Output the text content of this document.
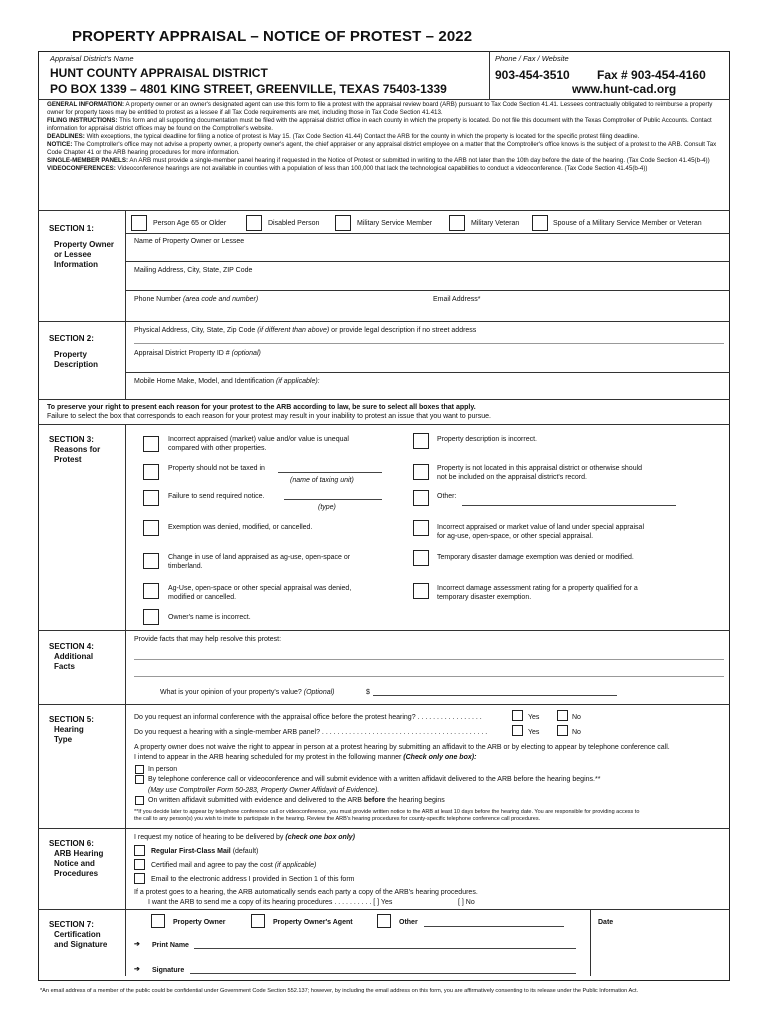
PROPERTY APPRAISAL – NOTICE OF PROTEST – 2022
Appraisal District's Name
HUNT COUNTY APPRAISAL DISTRICT
PO BOX 1339 – 4801 KING STREET, GREENVILLE, TEXAS 75403-1339
Phone / Fax / Website
903-454-3510 Fax # 903-454-4160
www.hunt-cad.org
GENERAL INFORMATION: A property owner or an owner's designated agent can use this form to file a protest with the appraisal review board (ARB) pursuant to Tax Code Section 41.41. Lessees contractually obligated to reimburse a property owner for property taxes may be entitled to protest as a lessee if all Tax Code requirements are met, including those in Tax Code Section 41.413.
FILING INSTRUCTIONS: This form and all supporting documentation must be filed with the appraisal district office in each county in which the property is located. Do not file this document with the Texas Comptroller of Public Accounts. Contact information for appraisal district offices may be found on the Comptroller's website.
DEADLINES: With exceptions, the typical deadline for filing a notice of protest is May 15. (Tax Code Section 41.44) Contact the ARB for the county in which the property is located for the specific protest filing deadline.
NOTICE: The Comptroller's office may not advise a property owner, a property owner's agent, the chief appraiser or any appraisal district employee on a matter that the Comptroller's office knows is the subject of a protest to the ARB. Consult Tax Code Chapter 41 or the ARB hearing procedures for more information.
SINGLE-MEMBER PANELS: An ARB must provide a single-member panel hearing if requested in the Notice of Protest or submitted in writing to the ARB not later than the 10th day before the date of the hearing. (Tax Code Section 41.45(b-4))
VIDEOCONFERENCES: Videoconference hearings are not available in counties with a population of less than 100,000 that lack the technological capabilities to conduct a videoconference. (Tax Code Section 41.45(b-4))
SECTION 1:
Property Owner
or Lessee
Information
Person Age 65 or Older	Disabled Person	Military Service Member	Military Veteran	Spouse of a Military Service Member or Veteran
Name of Property Owner or Lessee
Mailing Address, City, State, ZIP Code
Phone Number (area code and number)	Email Address*
SECTION 2:
Property
Description
Physical Address, City, State, Zip Code (if different than above) or provide legal description if no street address
Appraisal District Property ID # (optional)
Mobile Home Make, Model, and Identification (if applicable):
To preserve your right to present each reason for your protest to the ARB according to law, be sure to select all boxes that apply.
Failure to select the box that corresponds to each reason for your protest may result in your inability to protest an issue that you want to pursue.
SECTION 3:
Reasons for
Protest
Incorrect appraised (market) value and/or value is unequal
compared with other properties.
Property should not be taxed in
(name of taxing unit)
Failure to send required notice.
(type)
Exemption was denied, modified, or cancelled.
Change in use of land appraised as ag-use, open-space or
timberland.
Ag-Use, open-space or other special appraisal was denied,
modified or cancelled.
Owner's name is incorrect.
Property description is incorrect.
Property is not located in this appraisal district or otherwise should
not be included on the appraisal district's record.
Other:
Incorrect appraised or market value of land under special appraisal
for ag-use, open-space, or other special appraisal.
Temporary disaster damage exemption was denied or modified.
Incorrect damage assessment rating for a property qualified for a
temporary disaster exemption.
SECTION 4:
Additional
Facts
Provide facts that may help resolve this protest:
What is your opinion of your property's value? (Optional)	$
SECTION 5:
Hearing
Type
Do you request an informal conference with the appraisal office before the protest hearing? . . . . . . . . . . . . . . . . .	Yes	No
Do you request a hearing with a single-member ARB panel? . . . . . . . . . . . . . . . . . . . . . . . . . . . . . . . . . . . . . . . . . . .	Yes	No
A property owner does not waive the right to appear in person at a protest hearing by submitting an affidavit to the ARB or by electing to appear by telephone conference call.
I intend to appear in the ARB hearing scheduled for my protest in the following manner (Check only one box):
In person
By telephone conference call or videoconference and will submit evidence with a written affidavit delivered to the ARB before the hearing begins.**
(May use Comptroller Form 50-283, Property Owner Affidavit of Evidence).
On written affidavit submitted with evidence and delivered to the ARB before the hearing begins
**If you decide later to appear by telephone conference call or videoconference, you must provide written notice to the ARB at least 10 days before the hearing date. You are responsible for providing access to
the call to any person(s) you wish to invite to participate in the hearing. Review the ARB's hearing procedures for county-specific telephone conference call procedures.
SECTION 6:
ARB Hearing
Notice and
Procedures
I request my notice of hearing to be delivered by (check one box only)
Regular First-Class Mail (default)
Certified mail and agree to pay the cost (if applicable)
Email to the electronic address I provided in Section 1 of this form
If a protest goes to a hearing, the ARB automatically sends each party a copy of the ARB's hearing procedures.
I want the ARB to send me a copy of its hearing procedures . . . . . . . . . . [ ] Yes	[ ] No
SECTION 7:
Certification
and Signature
Property Owner	Property Owner's Agent	Other	Date
➔ Print Name
➔ Signature
*An email address of a member of the public could be confidential under Government Code Section 552.137; however, by including the email address on this form, you are affirmatively consenting to its release under the Public Information Act.
